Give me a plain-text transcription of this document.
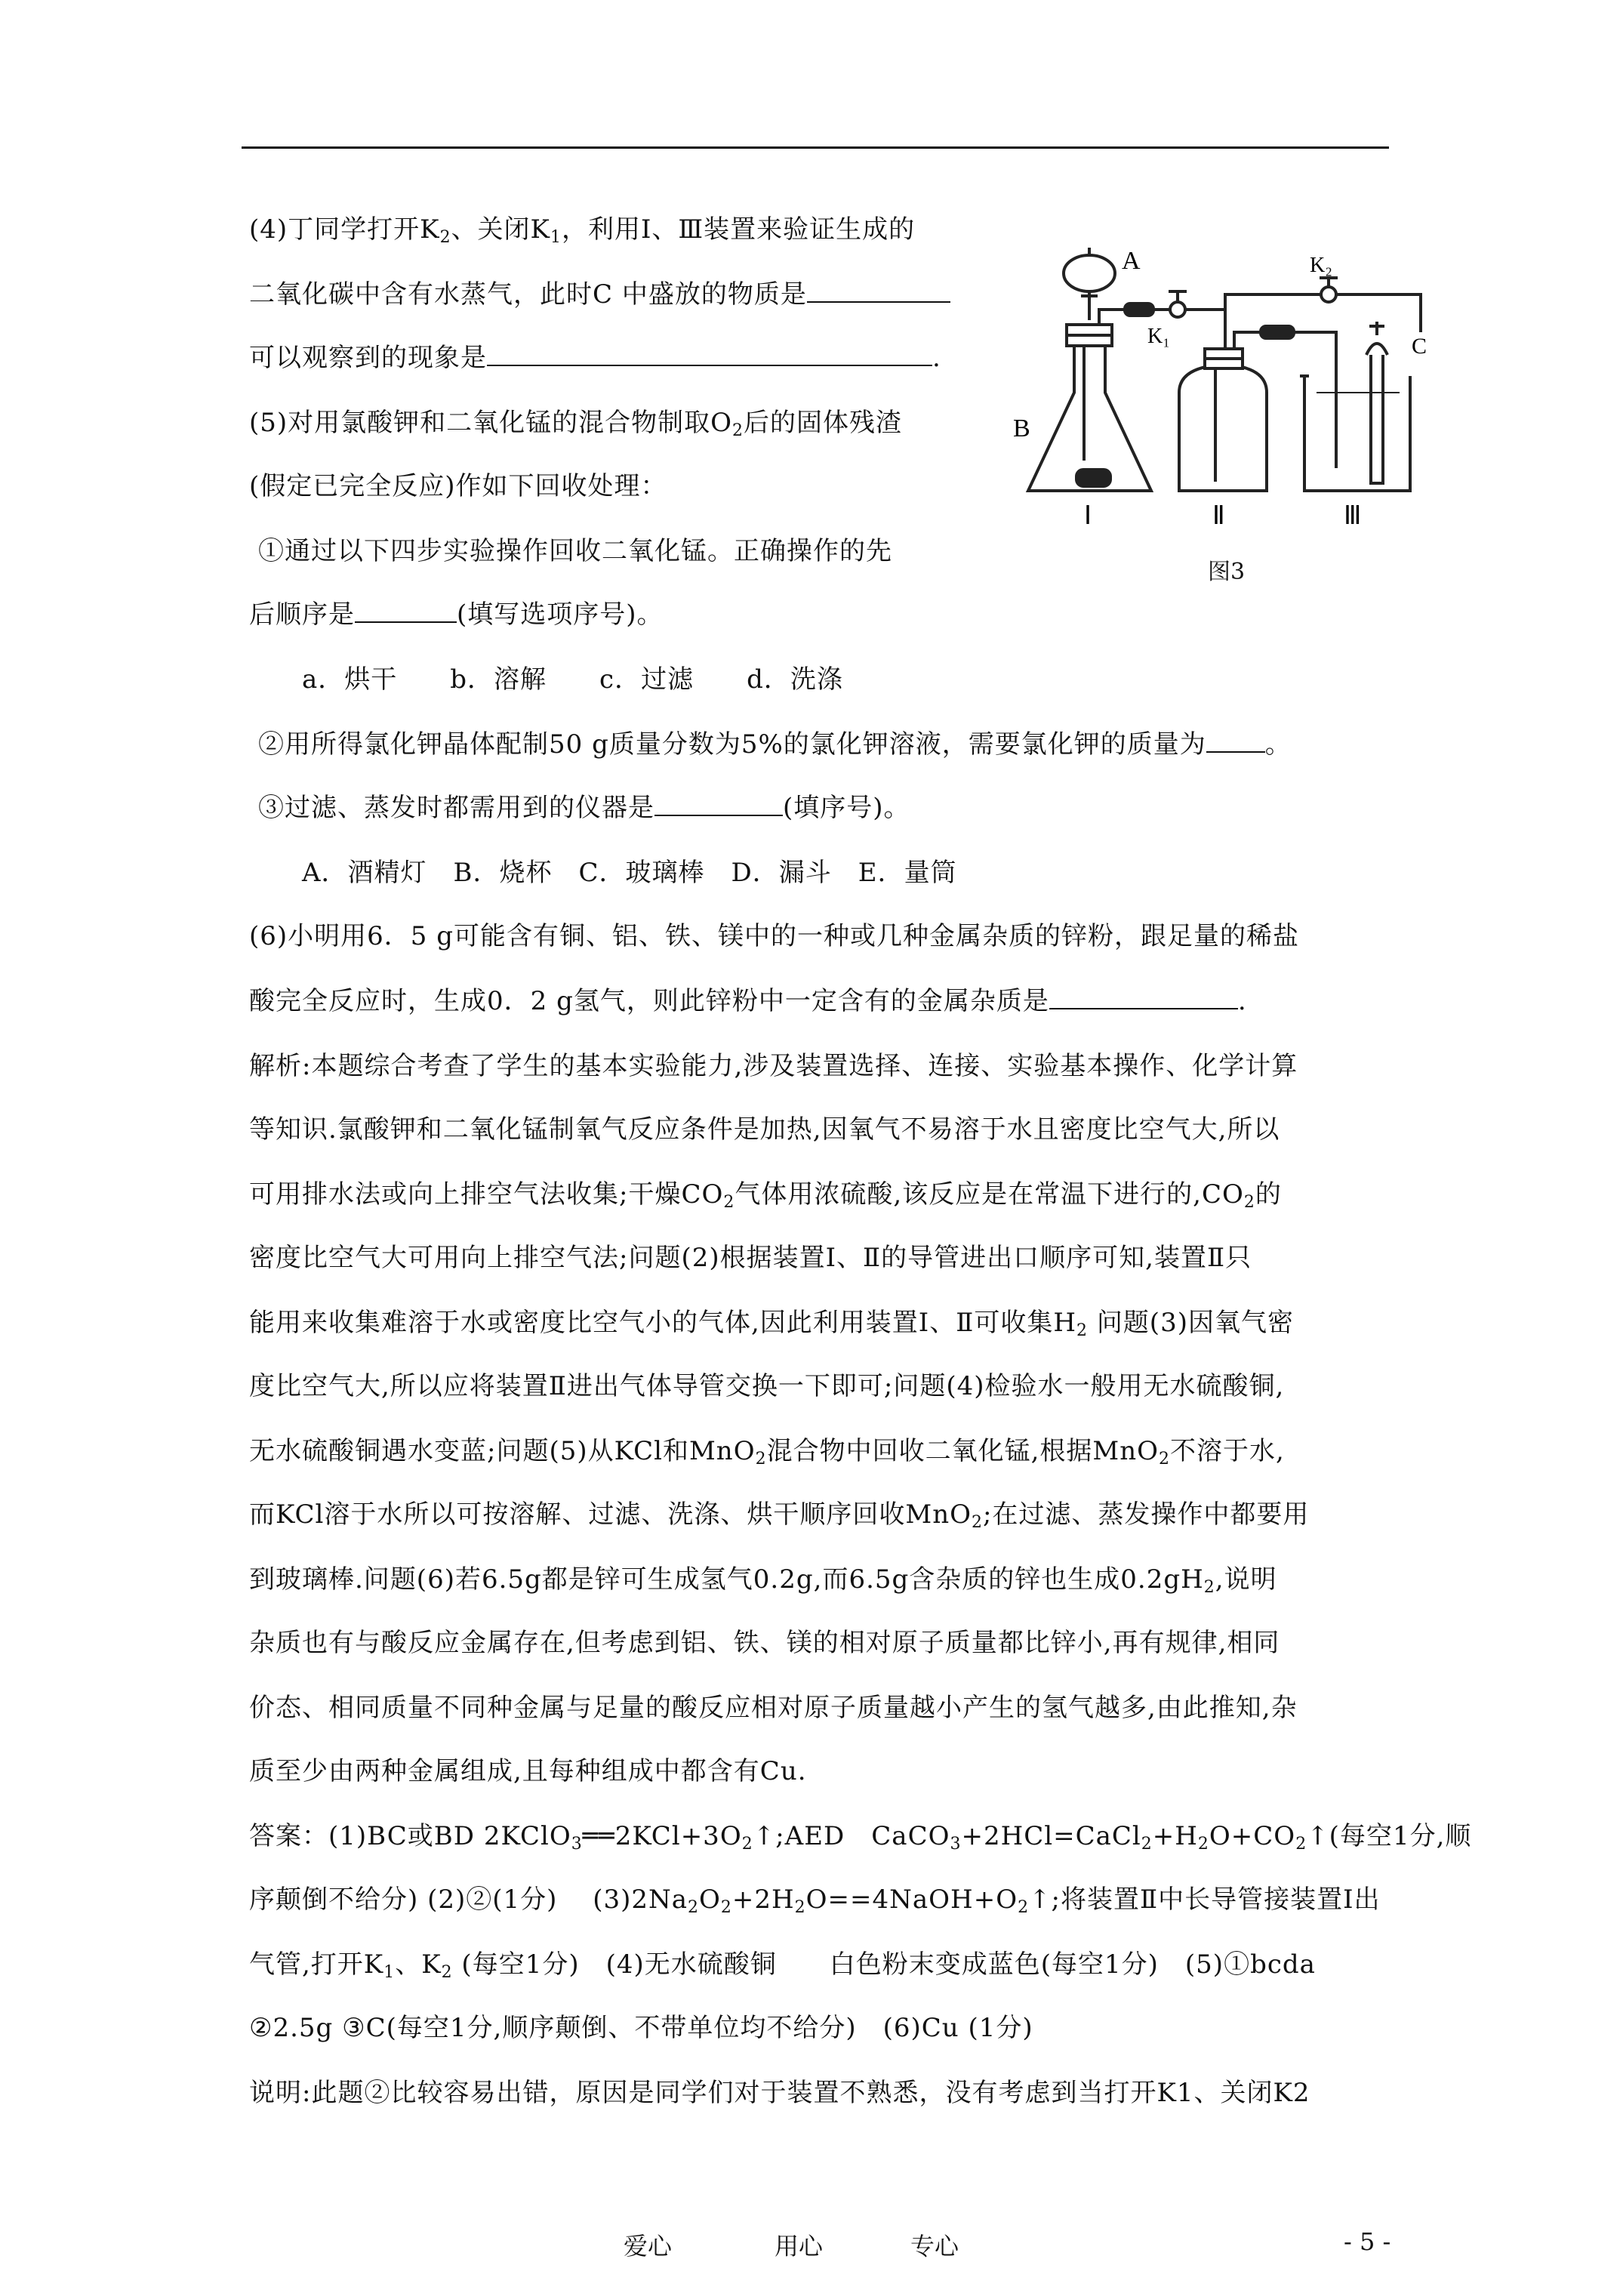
(4)丁同学打开$K_2$、关闭$K_1$，利用Ⅰ、Ⅲ装置来验证生成的
二氧化碳中含有水蒸气，此时C 中盛放的物质是
可以观察到的现象是	.
(5)对用氯酸钾和二氧化锰的混合物制取$O_2$后的固体残渣
(假定已完全反应)作如下回收处理：
①通过以下四步实验操作回收二氧化锰。正确操作的先
后顺序是	(填写选项序号)。
a．烘干　　b．溶解　　c．过滤　　d．洗涤
②用所得氯化钾晶体配制50 g质量分数为5%的氯化钾溶液，需要氯化钾的质量为 。
③过滤、蒸发时都需用到的仪器是	(填序号)。
A．酒精灯　B．烧杯　C．玻璃棒　D．漏斗　E．量筒
(6)小明用6．5 g可能含有铜、铝、铁、镁中的一种或几种金属杂质的锌粉，跟足量的稀盐
酸完全反应时，生成0．2 g氢气，则此锌粉中一定含有的金属杂质是	.
解析:本题综合考查了学生的基本实验能力,涉及装置选择、连接、实验基本操作、化学计算
等知识.氯酸钾和二氧化锰制氧气反应条件是加热,因氧气不易溶于水且密度比空气大,所以
可用排水法或向上排空气法收集;干燥$CO_2$气体用浓硫酸,该反应是在常温下进行的$,CO_2$的
密度比空气大可用向上排空气法;问题(2)根据装置Ⅰ、Ⅱ的导管进出口顺序可知,装置Ⅱ只
能用来收集难溶于水或密度比空气小的气体,因此利用装置Ⅰ、Ⅱ可收集$H_2$ 问题(3)因氧气密
度比空气大,所以应将装置Ⅱ进出气体导管交换一下即可;问题(4)检验水一般用无水硫酸铜,
无水硫酸铜遇水变蓝;问题(5)从KCl和MnO$_2$混合物中回收二氧化锰,根据MnO$_2$不溶于水,
而KCl溶于水所以可按溶解、过滤、洗涤、烘干顺序回收MnO$_2$;在过滤、蒸发操作中都要用
到玻璃棒.问题(6)若6.5g都是锌可生成氢气0.2g,而6.5g含杂质的锌也生成$0.2gH_2$,说明
杂质也有与酸反应金属存在,但考虑到铝、铁、镁的相对原子质量都比锌小,再有规律,相同
价态、相同质量不同种金属与足量的酸反应相对原子质量越小产生的氢气越多,由此推知,杂
质至少由两种金属组成,且每种组成中都含有Cu.
答案：(1)BC或BD $2KClO_3══2KCl+3O_2↑;AED$　$CaCO_3+2HCl=CaCl_2+H_2O+CO_2↑$(每空1分,顺
序颠倒不给分) (2)②(1分)　 $(3)2Na_2O_2+2H_2O==4NaOH+O_2↑$;将装置Ⅱ中长导管接装置Ⅰ出
气管,打开$K_1$、$K_2$ (每空1分)　(4)无水硫酸铜　　白色粉末变成蓝色(每空1分)　(5)①bcda
②2.5g ③C(每空1分,顺序颠倒、不带单位均不给分)　(6)Cu (1分)
说明:此题②比较容易出错，原因是同学们对于装置不熟悉，没有考虑到当打开K1、关闭K2
A
B
C
K₁
K₂
Ⅰ	Ⅱ	Ⅲ
图3
爱心	用心	专心	- 5 -
